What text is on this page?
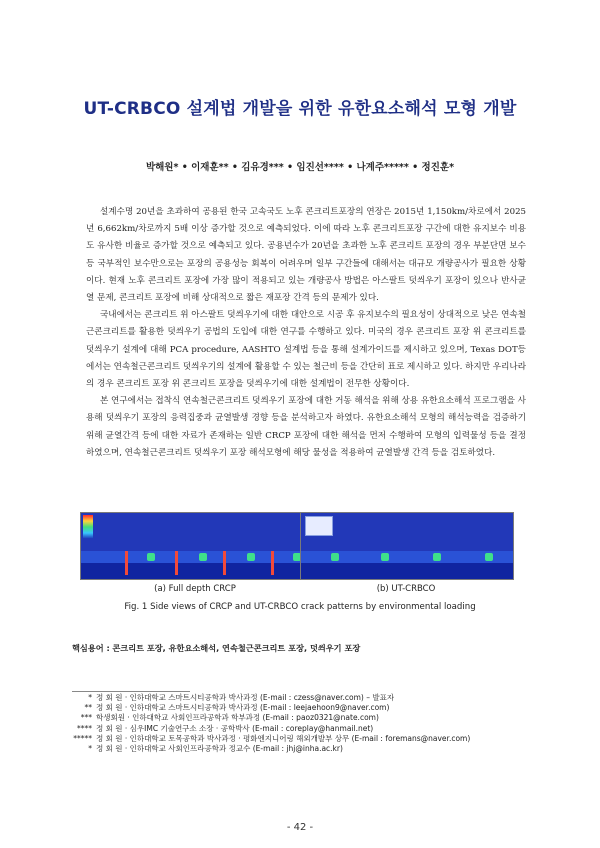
UT-CRBCO 설계법 개발을 위한 유한요소해석 모형 개발
박해원* • 이재훈** • 김유경*** • 임진선**** • 나계주***** • 정진훈*

설계수명 20년을 초과하여 공용된 한국 고속국도 노후 콘크리트포장의 연장은 2015년 1,150km/차로에서 2025년 6,662km/차로까지 5배 이상 증가할 것으로 예측되었다. 이에 따라 노후 콘크리트포장 구간에 대한 유지보수 비용도 유사한 비율로 증가할 것으로 예측되고 있다. 공용년수가 20년을 초과한 노후 콘크리트 포장의 경우 부분단면 보수 등 국부적인 보수만으로는 포장의 공용성능 회복이 어려우며 일부 구간들에 대해서는 대규모 개량공사가 필요한 상황이다. 현재 노후 콘크리트 포장에 가장 많이 적용되고 있는 개량공사 방법은 아스팔트 덧씌우기 포장이 있으나 반사균열 문제, 콘크리트 포장에 비해 상대적으로 짧은 재포장 간격 등의 문제가 있다.

국내에서는 콘크리트 위 아스팔트 덧씌우기에 대한 대안으로 시공 후 유지보수의 필요성이 상대적으로 낮은 연속철근콘크리트를 활용한 덧씌우기 공법의 도입에 대한 연구를 수행하고 있다. 미국의 경우 콘크리트 포장 위 콘크리트를 덧씌우기 설계에 대해 PCA procedure, AASHTO 설계법 등을 통해 설계가이드를 제시하고 있으며, Texas DOT등에서는 연속철근콘크리트 덧씌우기의 설계에 활용할 수 있는 철근비 등을 간단히 표로 제시하고 있다. 하지만 우리나라의 경우 콘크리트 포장 위 콘크리트 포장을 덧씌우기에 대한 설계법이 전무한 상황이다.

본 연구에서는 접착식 연속철근콘크리트 덧씌우기 포장에 대한 거동 해석을 위해 상용 유한요소해석 프로그램을 사용해 덧씌우기 포장의 응력집중과 균열발생 경향 등을 분석하고자 하였다. 유한요소해석 모형의 해석능력을 검증하기 위해 균열간격 등에 대한 자료가 존재하는 일반 CRCP 포장에 대한 해석을 먼저 수행하여 모형의 입력물성 등을 결정하였으며, 연속철근콘크리트 덧씌우기 포장 해석모형에 해당 물성을 적용하여 균열발생 간격 등을 검토하였다.

(a) Full depth CRCP	(b) UT-CRBCO
Fig. 1 Side views of CRCP and UT-CRBCO crack patterns by environmental loading
핵심용어 : 콘크리트 포장, 유한요소해석, 연속철근콘크리트 포장, 덧씌우기 포장
* 정 회 원 · 인하대학교 스마트시티공학과 박사과정 (E-mail : czess@naver.com) – 발표자
** 정 회 원 · 인하대학교 스마트시티공학과 박사과정 (E-mail : leejaehoon9@naver.com)
*** 학생회원 · 인하대학교 사회인프라공학과 학부과정 (E-mail : paoz0321@nate.com)
**** 정 회 원 · 심우IMC 기술연구소 소장 · 공학박사 (E-mail : coreplay@hanmail.net)
***** 정 회 원 · 인하대학교 토목공학과 박사과정 · 평화엔지니어링 해외개발부 상무 (E-mail : foremans@naver.com)
* 정 회 원 · 인하대학교 사회인프라공학과 정교수 (E-mail : jhj@inha.ac.kr)
- 42 -
